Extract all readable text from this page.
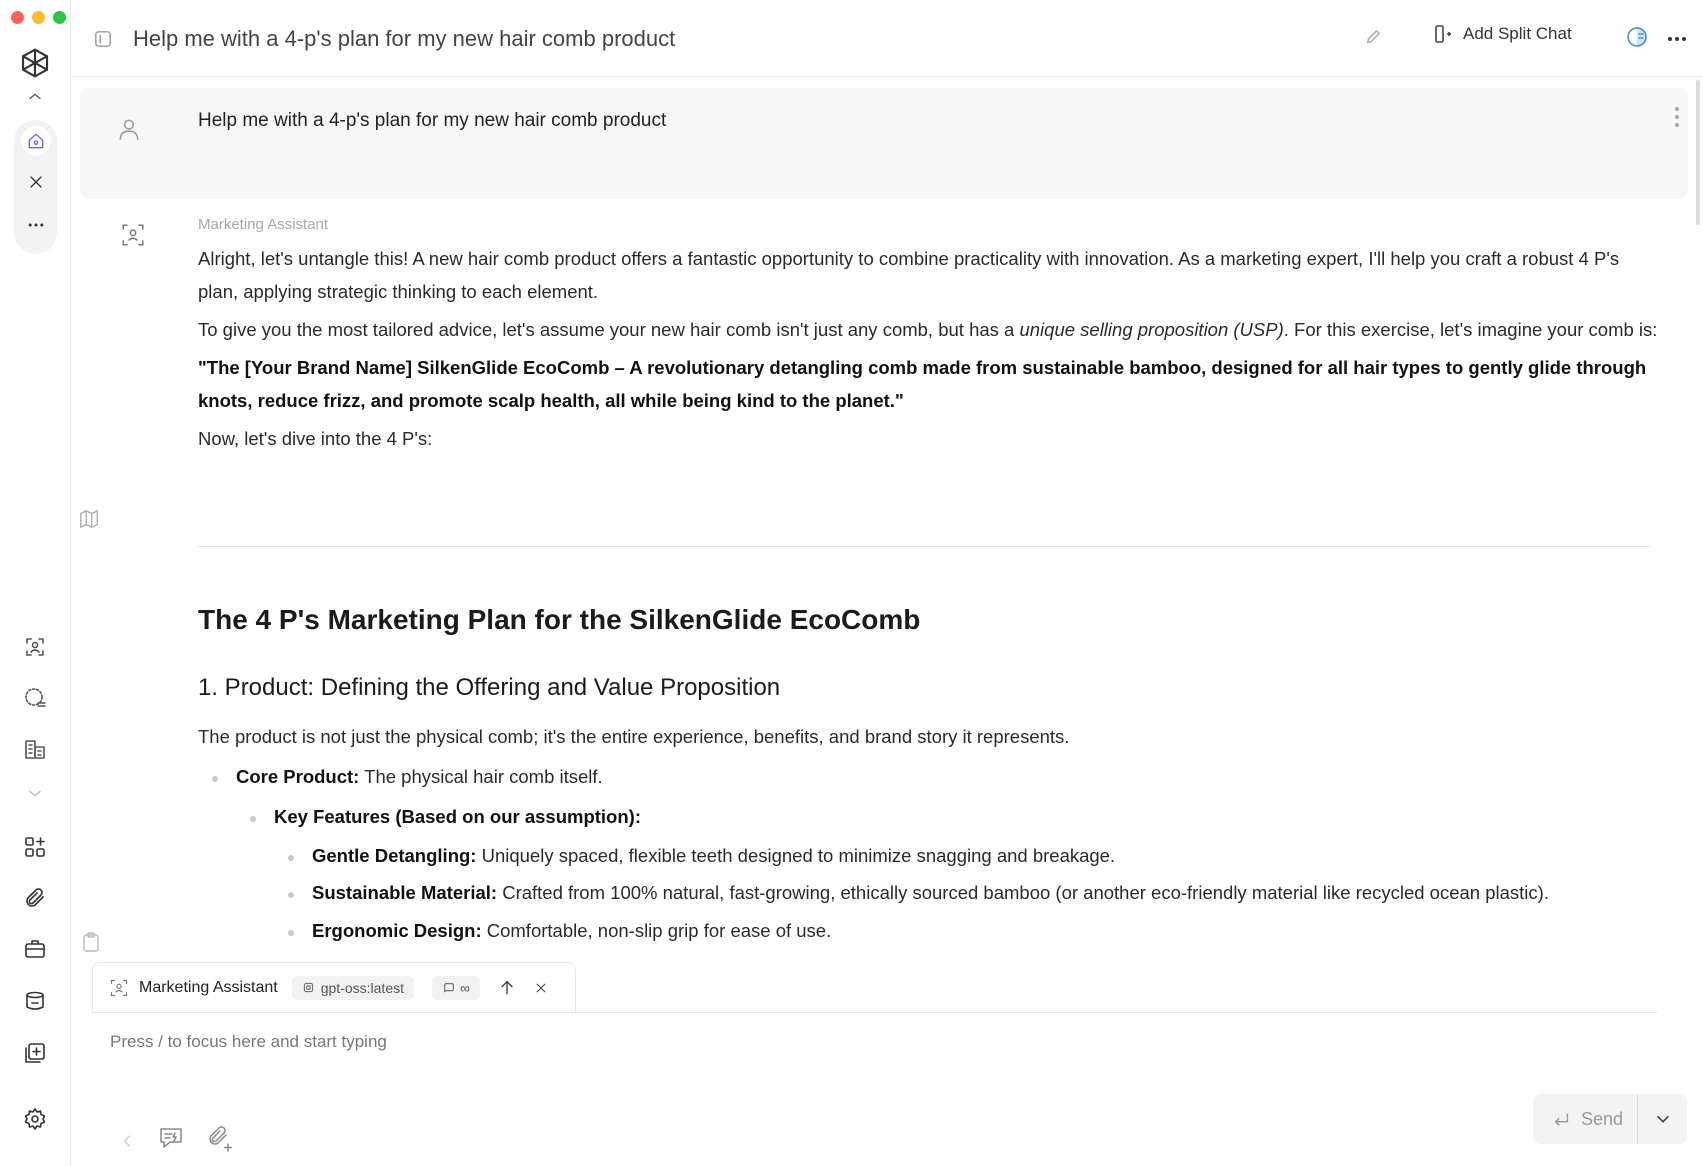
Help me with a 4-p's plan for my new hair comb product	Add Split Chat
Help me with a 4-p's plan for my new hair comb product
Marketing Assistant

Alright, let's untangle this! A new hair comb product offers a fantastic opportunity to combine practicality with innovation. As a marketing expert, I'll help you craft a robust 4 P's plan, applying strategic thinking to each element.

To give you the most tailored advice, let's assume your new hair comb isn't just any comb, but has a unique selling proposition (USP). For this exercise, let's imagine your comb is:

"The [Your Brand Name] SilkenGlide EcoComb – A revolutionary detangling comb made from sustainable bamboo, designed for all hair types to gently glide through knots, reduce frizz, and promote scalp health, all while being kind to the planet."

Now, let's dive into the 4 P's:

The 4 P's Marketing Plan for the SilkenGlide EcoComb
1. Product: Defining the Offering and Value Proposition
The product is not just the physical comb; it's the entire experience, benefits, and brand story it represents.
Core Product: The physical hair comb itself.
Key Features (Based on our assumption):
Gentle Detangling: Uniquely spaced, flexible teeth designed to minimize snagging and breakage.
Sustainable Material: Crafted from 100% natural, fast-growing, ethically sourced bamboo (or another eco-friendly material like recycled ocean plastic).
Ergonomic Design: Comfortable, non-slip grip for ease of use.
Marketing Assistant	gpt-oss:latest	∞
Press / to focus here and start typing
Send
